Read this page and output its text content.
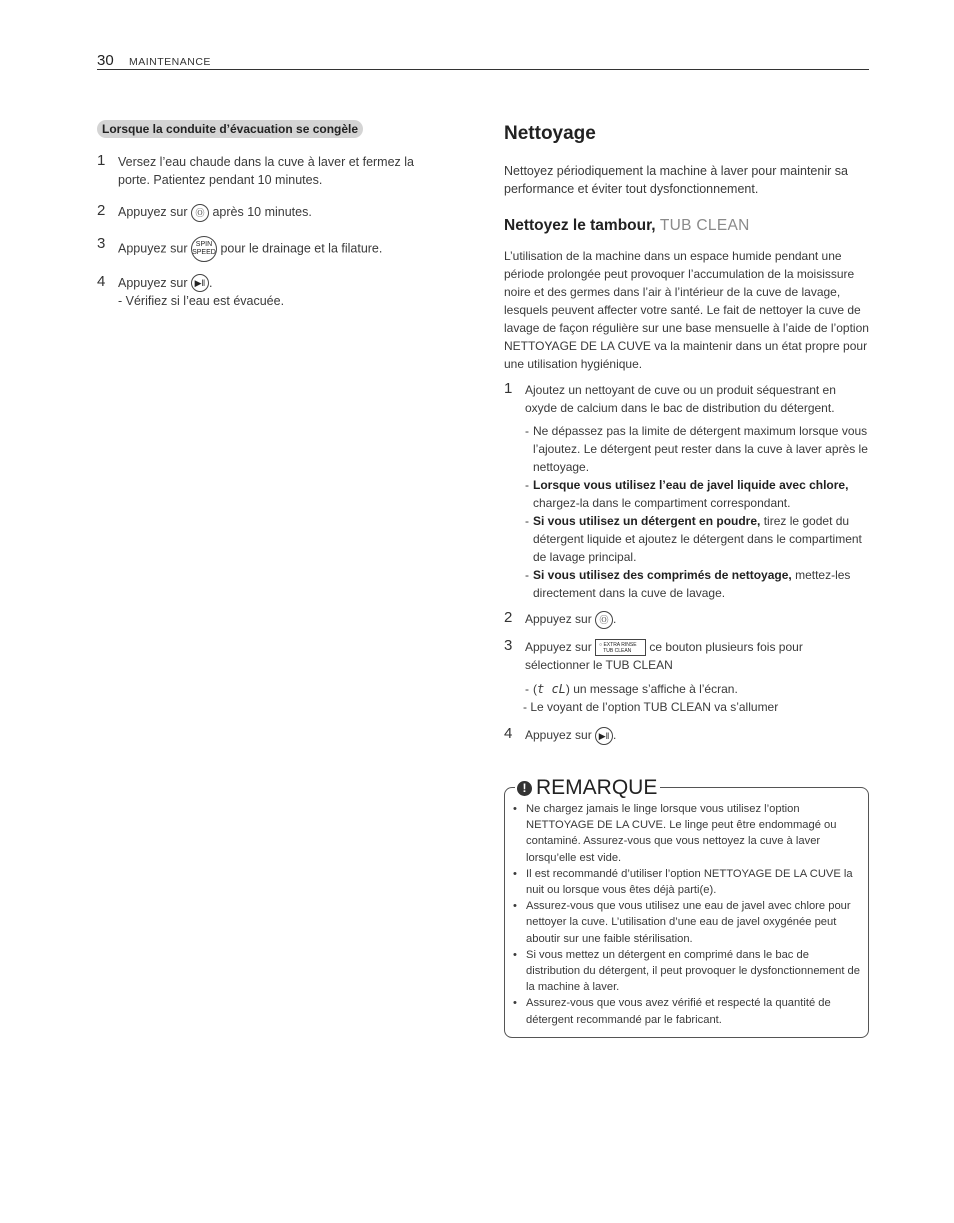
30 MAINTENANCE
Lorsque la conduite d’évacuation se congèle
1 Versez l’eau chaude dans la cuve à laver et fermez la porte. Patientez pendant 10 minutes.
2 Appuyez sur Ⓞ après 10 minutes.
3 Appuyez sur SPIN
SPEED pour le drainage et la filature.
4 Appuyez sur ▶‖ .
- Vérifiez si l’eau est évacuée.
Nettoyage
Nettoyez périodiquement la machine à laver pour maintenir sa performance et éviter tout dysfonctionnement.
Nettoyez le tambour, TUB CLEAN
L’utilisation de la machine dans un espace humide pendant une période prolongée peut provoquer l’accumulation de la moisissure noire et des germes dans l’air à l’intérieur de la cuve de lavage, lesquels peuvent affecter votre santé. Le fait de nettoyer la cuve de lavage de façon régulière sur une base mensuelle à l’aide de l’option NETTOYAGE DE LA CUVE va la maintenir dans un état propre pour une utilisation hygiénique.
1 Ajoutez un nettoyant de cuve ou un produit séquestrant en oxyde de calcium dans le bac de distribution du détergent.
- Ne dépassez pas la limite de détergent maximum lorsque vous l’ajoutez. Le détergent peut rester dans la cuve à laver après le nettoyage.
- Lorsque vous utilisez l’eau de javel liquide avec chlore, chargez-la dans le compartiment correspondant.
- Si vous utilisez un détergent en poudre, tirez le godet du détergent liquide et ajoutez le détergent dans le compartiment de lavage principal.
- Si vous utilisez des comprimés de nettoyage, mettez-les directement dans la cuve de lavage.
2 Appuyez sur Ⓞ .
3 Appuyez sur ○ EXTRA RINSE
TUB CLEAN ce bouton plusieurs fois pour sélectionner le TUB CLEAN
- (t cL) un message s’affiche à l’écran.
- Le voyant de l’option TUB CLEAN va s’allumer
4 Appuyez sur ▶‖ .
! REMARQUE
• Ne chargez jamais le linge lorsque vous utilisez l’option NETTOYAGE DE LA CUVE. Le linge peut être endommagé ou contaminé. Assurez-vous que vous nettoyez la cuve à laver lorsqu’elle est vide.
• Il est recommandé d’utiliser l’option NETTOYAGE DE LA CUVE la nuit ou lorsque vous êtes déjà parti(e).
• Assurez-vous que vous utilisez une eau de javel avec chlore pour nettoyer la cuve. L’utilisation d’une eau de javel oxygénée peut aboutir sur une faible stérilisation.
• Si vous mettez un détergent en comprimé dans le bac de distribution du détergent, il peut provoquer le dysfonctionnement de la machine à laver.
• Assurez-vous que vous avez vérifié et respecté la quantité de détergent recommandé par le fabricant.
